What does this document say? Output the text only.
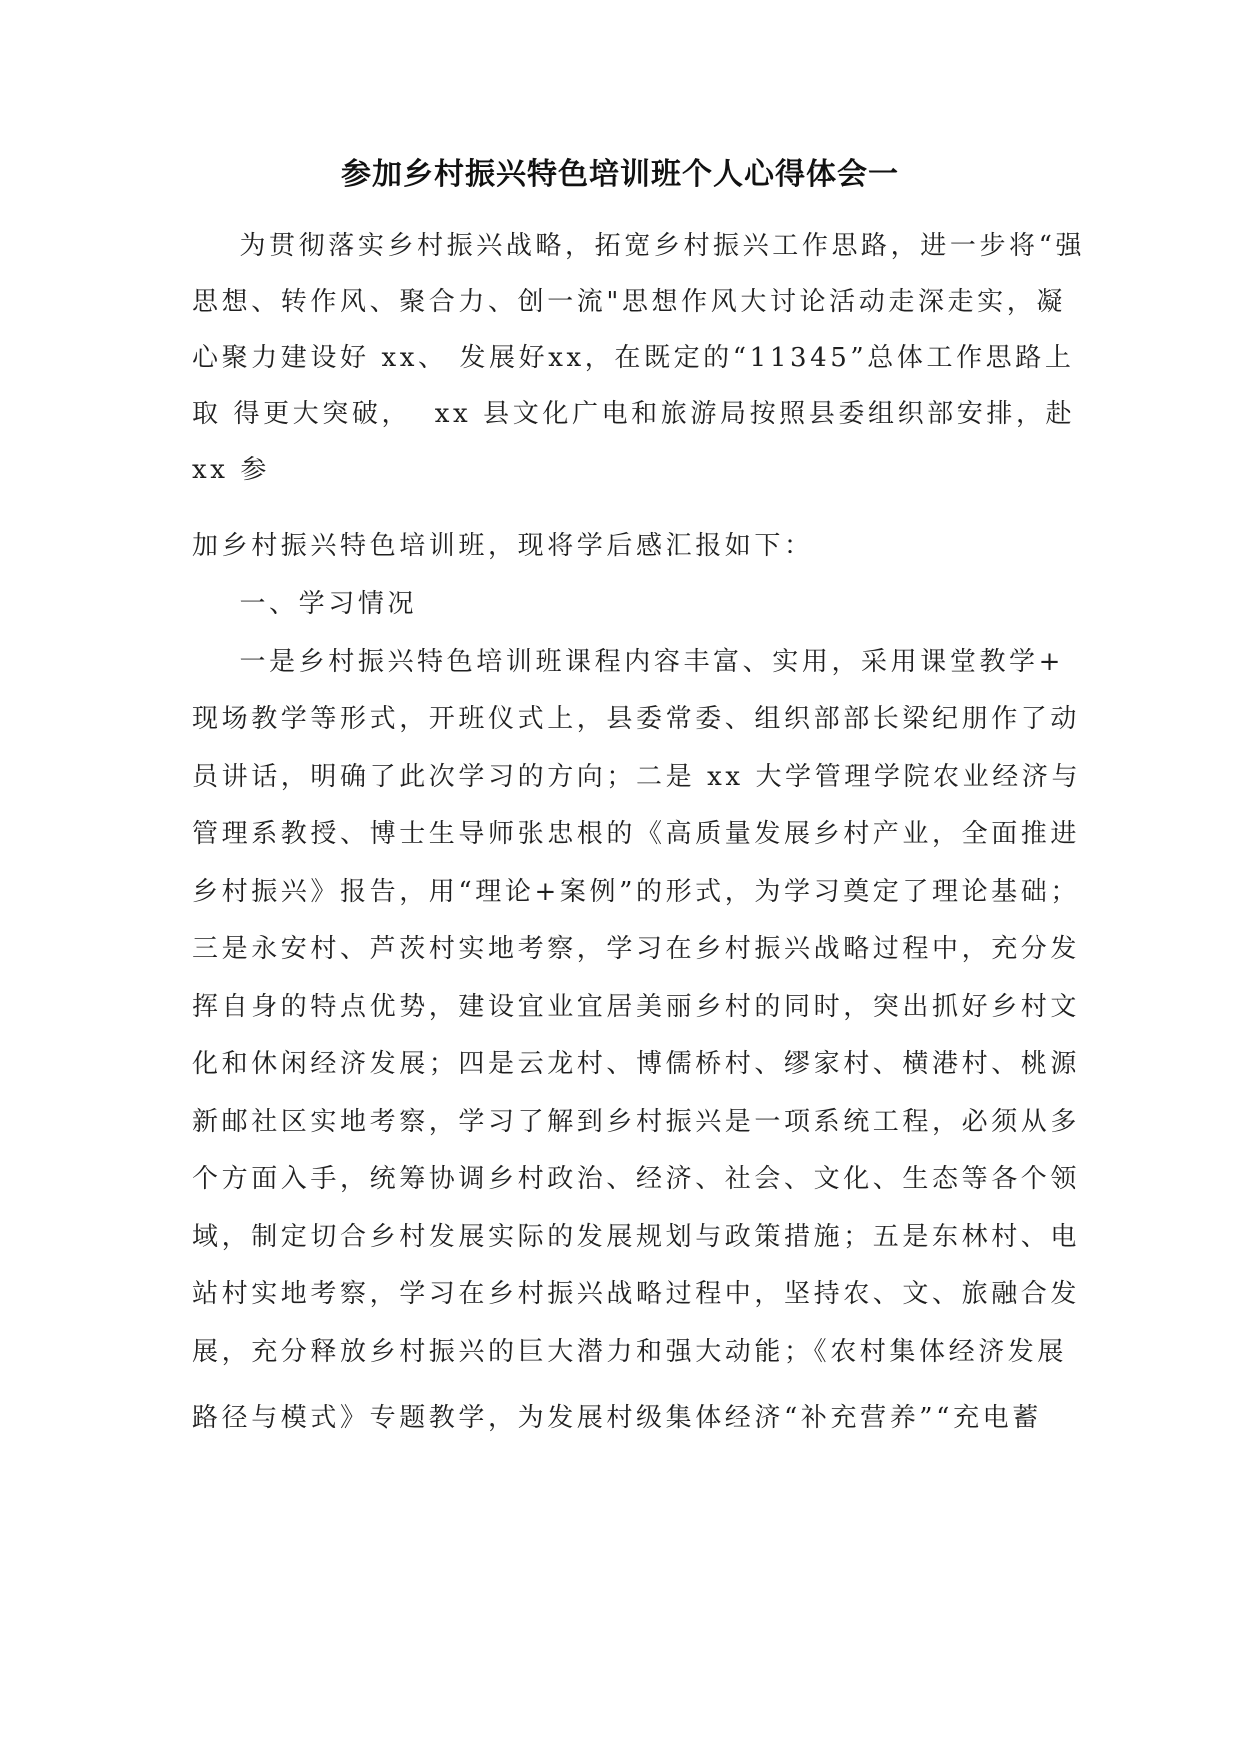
参加乡村振兴特色培训班个人心得体会一
为贯彻落实乡村振兴战略，拓宽乡村振兴工作思路，进一步将“强
思想、转作风、聚合力、创一流"思想作风大讨论活动走深走实，凝
心聚力建设好 xx、 发展好xx，在既定的“11345”总体工作思路上
取 得更大突破，  xx 县文化广电和旅游局按照县委组织部安排，赴
xx 参
加乡村振兴特色培训班，现将学后感汇报如下：
一、学习情况
一是乡村振兴特色培训班课程内容丰富、实用，采用课堂教学+
现场教学等形式，开班仪式上，县委常委、组织部部长梁纪朋作了动
员讲话，明确了此次学习的方向；二是 xx 大学管理学院农业经济与
管理系教授、博士生导师张忠根的《高质量发展乡村产业，全面推进
乡村振兴》报告，用“理论+案例”的形式，为学习奠定了理论基础；
三是永安村、芦茨村实地考察，学习在乡村振兴战略过程中，充分发
挥自身的特点优势，建设宜业宜居美丽乡村的同时，突出抓好乡村文
化和休闲经济发展；四是云龙村、博儒桥村、缪家村、横港村、桃源
新邮社区实地考察，学习了解到乡村振兴是一项系统工程，必须从多
个方面入手，统筹协调乡村政治、经济、社会、文化、生态等各个领
域，制定切合乡村发展实际的发展规划与政策措施；五是东林村、电
站村实地考察，学习在乡村振兴战略过程中，坚持农、文、旅融合发
展，充分释放乡村振兴的巨大潜力和强大动能；《农村集体经济发展
路径与模式》专题教学，为发展村级集体经济“补充营养”“充电蓄
